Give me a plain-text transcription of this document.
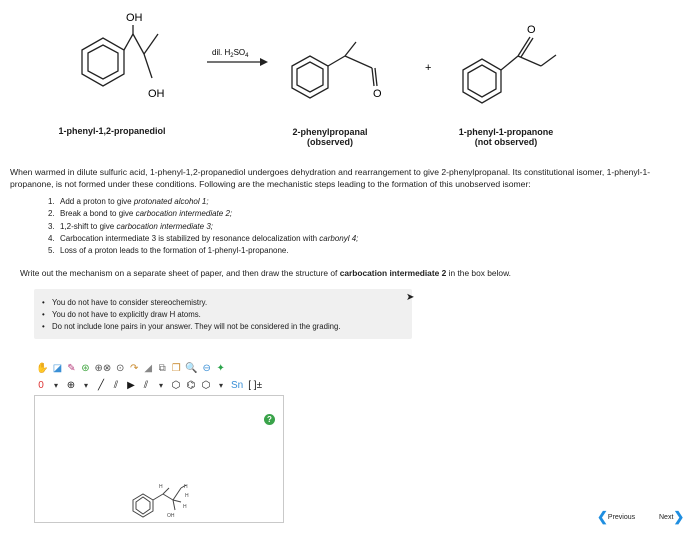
OH
OH
dil. $H_2SO_4$
O
+
O
1-phenyl-1,2-propanediol	2-phenylpropanal
(observed)
1-phenyl-1-propanone
(not observed)

When warmed in dilute sulfuric acid, 1-phenyl-1,2-propanediol undergoes dehydration and rearrangement to give 2-phenylpropanal. Its constitutional isomer, 1-phenyl-1-propanone, is not formed under these conditions. Following are the mechanistic steps leading to the formation of this unobserved isomer:

1. Add a proton to give protonated alcohol 1;
2. Break a bond to give carbocation intermediate 2;
3. 1,2-shift to give carbocation intermediate 3;
4. Carbocation intermediate 3 is stabilized by resonance delocalization with carbonyl 4;
5. Loss of a proton leads to the formation of 1-phenyl-1-propanone.

Write out the mechanism on a separate sheet of paper, and then draw the structure of carbocation intermediate 2 in the box below.

• You do not have to consider stereochemistry.
• You do not have to explicitly draw H atoms.
• Do not include lone pairs in your answer. They will not be considered in the grading.
➤
✋ ◪ ✎ ⊛ ⊕⊗ ⊙ ↷ ◢ ⧉ ❐ 🔍 ⊖ ✦
0	▾ ⊕	▾ ╱ ⫽ ▶ ⫽	▾ ⬡ ⌬ ⬡	▾ Sn [ ]±
H	H
H
H
OH
?
❮ Previous	Next ❯
